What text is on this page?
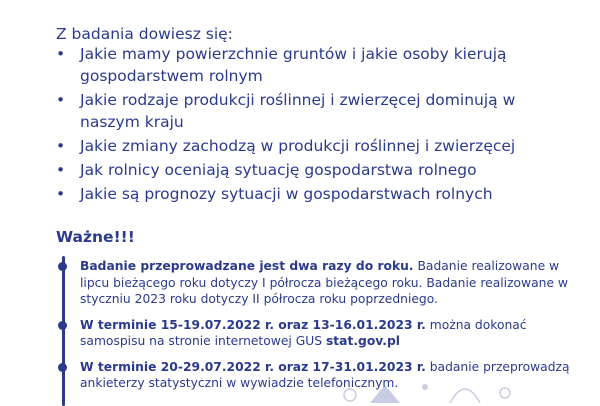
Z badania dowiesz się:
• Jakie mamy powierzchnie gruntów i jakie osoby kierują gospodarstwem rolnym
• Jakie rodzaje produkcji roślinnej i zwierzęcej dominują w naszym kraju
• Jakie zmiany zachodzą w produkcji roślinnej i zwierzęcej
• Jak rolnicy oceniają sytuację gospodarstwa rolnego
• Jakie są prognozy sytuacji w gospodarstwach rolnych
Ważne!!!
Badanie przeprowadzane jest dwa razy do roku. Badanie realizowane w lipcu bieżącego roku dotyczy I półrocza bieżącego roku. Badanie realizowane w styczniu 2023 roku dotyczy II półrocza roku poprzedniego.
W terminie 15-19.07.2022 r. oraz 13-16.01.2023 r. można dokonać samospisu na stronie internetowej GUS stat.gov.pl
W terminie 20-29.07.2022 r. oraz 17-31.01.2023 r. badanie przeprowadzą ankieterzy statystyczni w wywiadzie telefonicznym.
